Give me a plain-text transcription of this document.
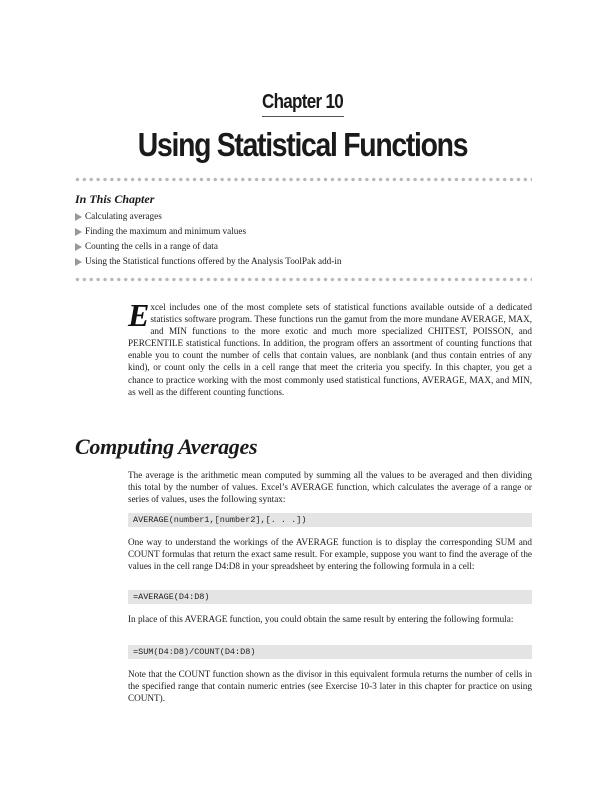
Chapter 10
Using Statistical Functions
In This Chapter
Calculating averages
Finding the maximum and minimum values
Counting the cells in a range of data
Using the Statistical functions offered by the Analysis ToolPak add-in

Excel includes one of the most complete sets of statistical functions available outside of a dedicated statistics software program. These functions run the gamut from the more mundane AVERAGE, MAX, and MIN functions to the more exotic and much more specialized CHITEST, POISSON, and PERCENTILE statistical functions. In addition, the program offers an assortment of counting functions that enable you to count the number of cells that contain values, are nonblank (and thus contain entries of any kind), or count only the cells in a cell range that meet the criteria you specify. In this chapter, you get a chance to practice working with the most commonly used statistical functions, AVERAGE, MAX, and MIN, as well as the different counting functions.

Computing Averages

The average is the arithmetic mean computed by summing all the values to be averaged and then dividing this total by the number of values. Excel’s AVERAGE function, which calculates the average of a range or series of values, uses the following syntax:

AVERAGE(number1,[number2],[. . .])

One way to understand the workings of the AVERAGE function is to display the corresponding SUM and COUNT formulas that return the exact same result. For example, suppose you want to find the average of the values in the cell range D4:D8 in your spreadsheet by entering the following formula in a cell:

=AVERAGE(D4:D8)

In place of this AVERAGE function, you could obtain the same result by entering the following formula:

=SUM(D4:D8)/COUNT(D4:D8)

Note that the COUNT function shown as the divisor in this equivalent formula returns the number of cells in the specified range that contain numeric entries (see Exercise 10-3 later in this chapter for practice on using COUNT).
